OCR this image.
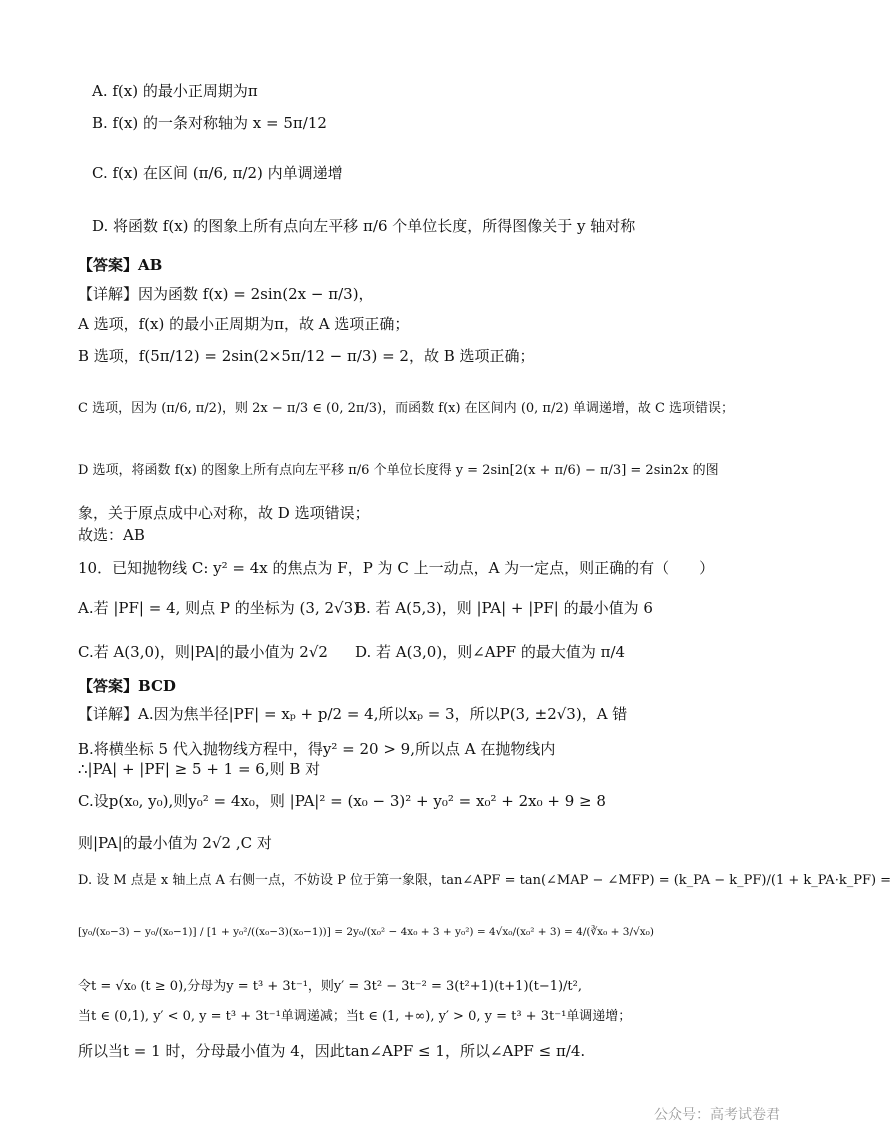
A. f(x) 的最小正周期为π
B. f(x) 的一条对称轴为 x = 5π/12
C. f(x) 在区间 (π/6, π/2) 内单调递增
D. 将函数 f(x) 的图象上所有点向左平移 π/6 个单位长度，所得图像关于 y 轴对称
【答案】AB
【详解】因为函数 f(x) = 2sin(2x − π/3)，
A 选项，f(x) 的最小正周期为π，故 A 选项正确；
B 选项，f(5π/12) = 2sin(2×5π/12 − π/3) = 2，故 B 选项正确；
C 选项，因为 (π/6, π/2)，则 2x − π/3 ∈ (0, 2π/3)，而函数 f(x) 在区间内 (0, π/2) 单调递增，故 C 选项错误；
D 选项，将函数 f(x) 的图象上所有点向左平移 π/6 个单位长度得 y = 2sin[2(x + π/6) − π/3] = 2sin2x 的图
象，关于原点成中心对称，故 D 选项错误；
故选：AB
10．已知抛物线 C: y² = 4x 的焦点为 F，P 为 C 上一动点，A 为一定点，则正确的有（　　）
A.若 |PF| = 4, 则点 P 的坐标为 (3, 2√3)
B. 若 A(5,3)，则 |PA| + |PF| 的最小值为 6
C.若 A(3,0)，则|PA|的最小值为 2√2	D. 若 A(3,0)，则∠APF 的最大值为 π/4
【答案】BCD
【详解】A.因为焦半径|PF| = xₚ + p/2 = 4,所以xₚ = 3，所以P(3, ±2√3)，A 错
B.将横坐标 5 代入抛物线方程中，得y² = 20 > 9,所以点 A 在抛物线内
∴|PA| + |PF| ≥ 5 + 1 = 6,则 B 对
C.设p(x₀, y₀),则y₀² = 4x₀，则 |PA|² = (x₀ − 3)² + y₀² = x₀² + 2x₀ + 9 ≥ 8
则|PA|的最小值为 2√2 ,C 对
D. 设 M 点是 x 轴上点 A 右侧一点，不妨设 P 位于第一象限，tan∠APF = tan(∠MAP − ∠MFP) = (k_PA − k_PF)/(1 + k_PA·k_PF) =
[y₀/(x₀−3) − y₀/(x₀−1)] / [1 + y₀²/((x₀−3)(x₀−1))] = 2y₀/(x₀² − 4x₀ + 3 + y₀²) = 4√x₀/(x₀² + 3) = 4/(∛x₀ + 3/√x₀)
令t = √x₀ (t ≥ 0),分母为y = t³ + 3t⁻¹，则y′ = 3t² − 3t⁻² = 3(t²+1)(t+1)(t−1)/t²,
当t ∈ (0,1), y′ < 0, y = t³ + 3t⁻¹单调递减；当t ∈ (1, +∞), y′ > 0, y = t³ + 3t⁻¹单调递增；
所以当t = 1 时，分母最小值为 4，因此tan∠APF ≤ 1，所以∠APF ≤ π/4.
公众号：高考试卷君
